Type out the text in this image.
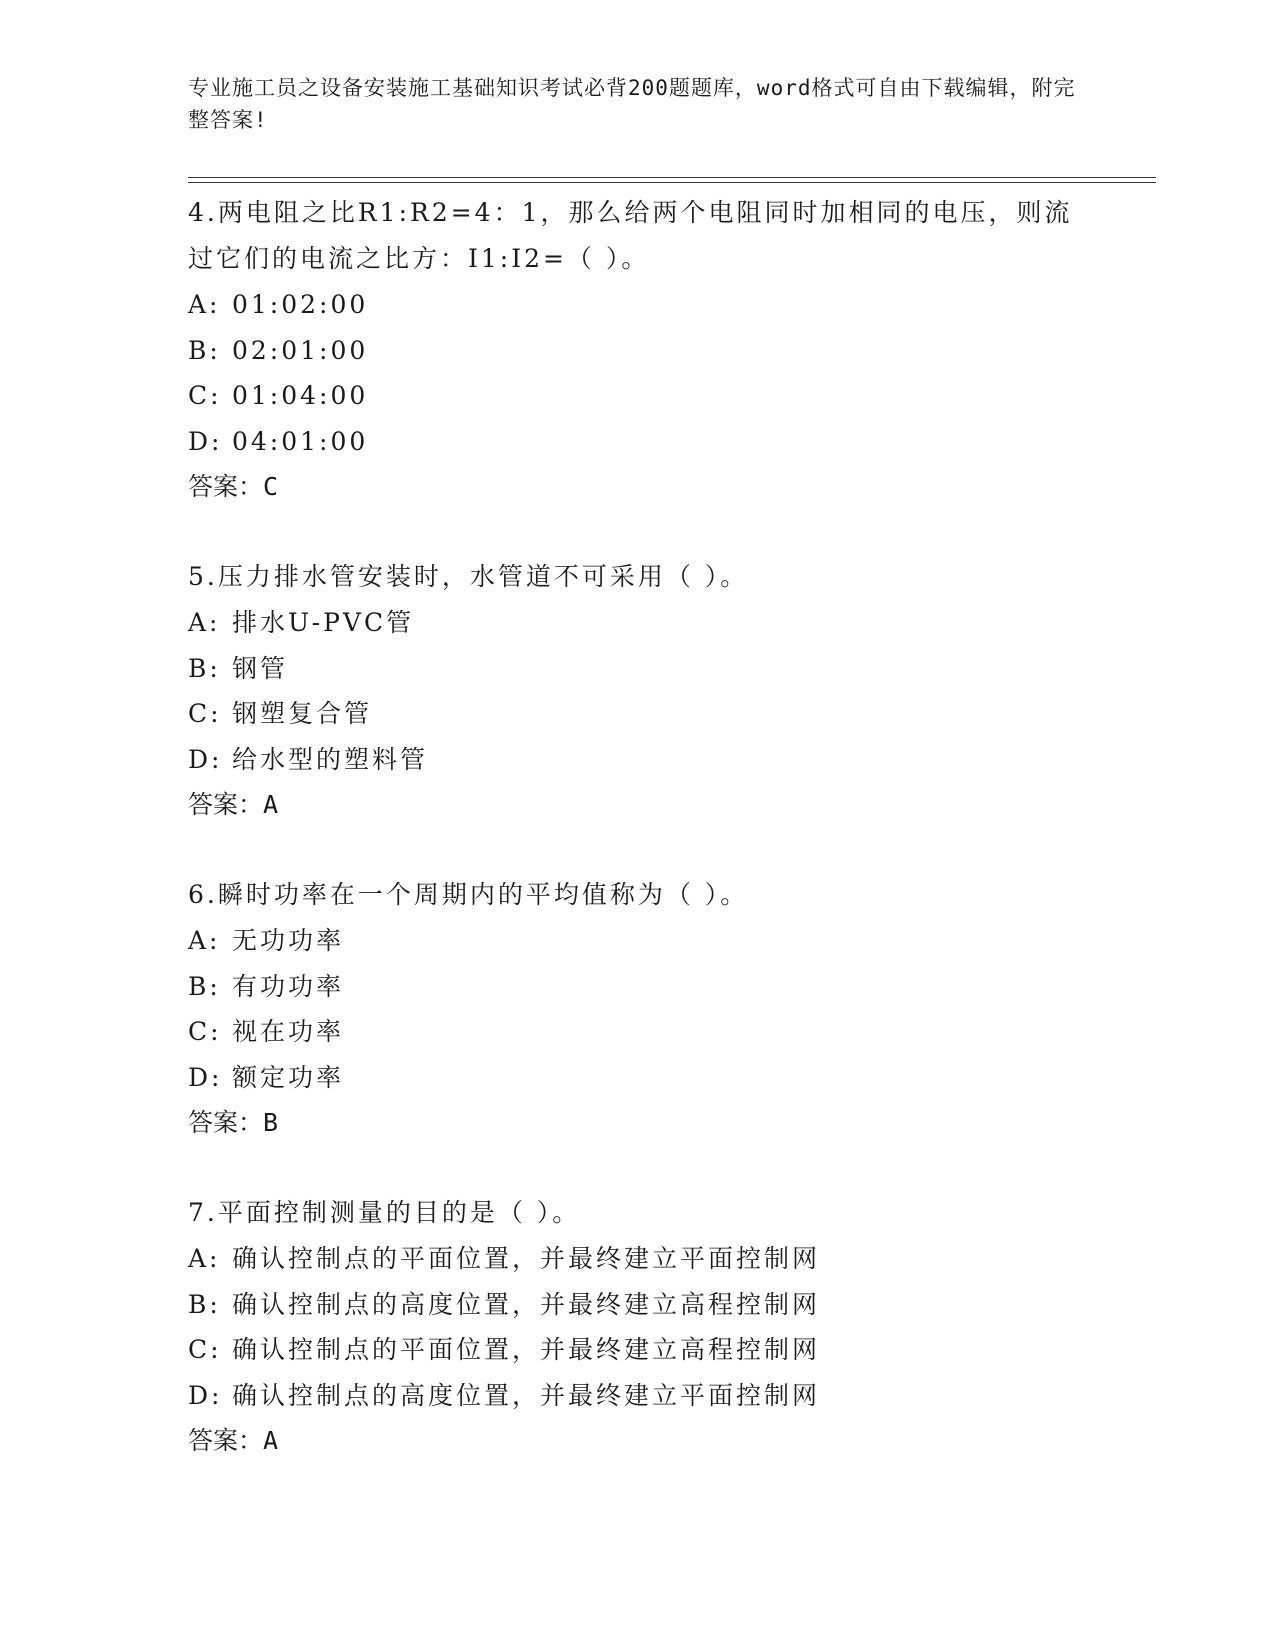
专业施工员之设备安装施工基础知识考试必背200题题库，word格式可自由下载编辑，附完整答案!

4.两电阻之比R1:R2=4：1，那么给两个电阻同时加相同的电压，则流过它们的电流之比方：I1:I2=（ ）。

A: 01:02:00

B: 02:01:00

C: 01:04:00

D: 04:01:00

答案：C

5.压力排水管安装时，水管道不可采用（ ）。

A: 排水U-PVC管

B: 钢管

C: 钢塑复合管

D: 给水型的塑料管

答案：A

6.瞬时功率在一个周期内的平均值称为（ ）。

A: 无功功率

B: 有功功率

C: 视在功率

D: 额定功率

答案：B

7.平面控制测量的目的是（ ）。

A: 确认控制点的平面位置，并最终建立平面控制网

B: 确认控制点的高度位置，并最终建立高程控制网

C: 确认控制点的平面位置，并最终建立高程控制网

D: 确认控制点的高度位置，并最终建立平面控制网

答案：A
